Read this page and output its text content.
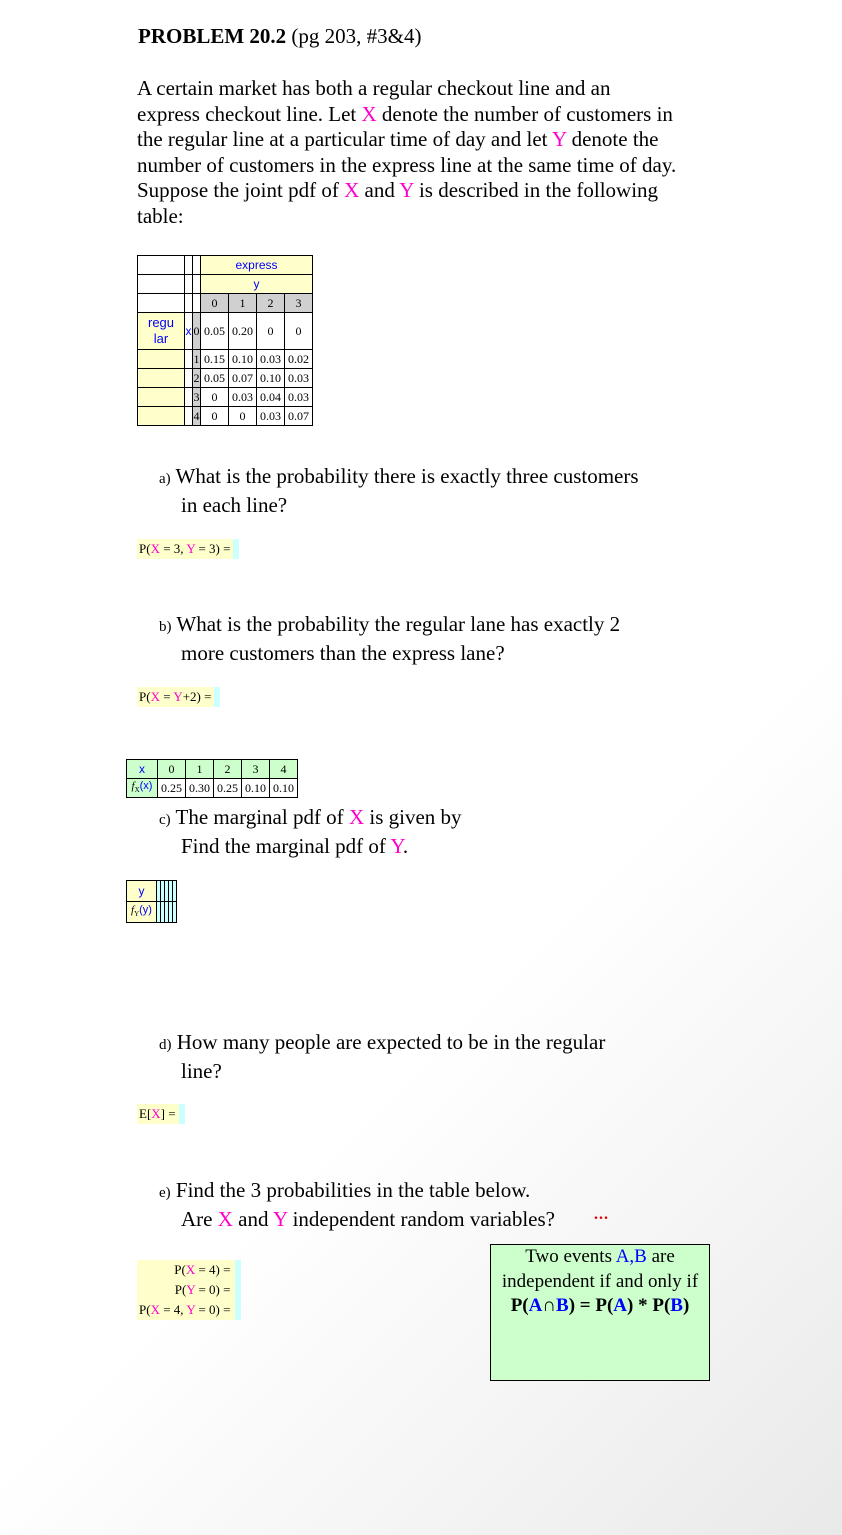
PROBLEM 20.2 (pg 203, #3&4)
A certain market has both a regular checkout line and an express checkout line. Let X denote the number of customers in the regular line at a particular time of day and let Y denote the number of customers in the express line at the same time of day. Suppose the joint pdf of X and Y is described in the following table:
			express			
			y			
			0	1	2	3
regu
lar	x	0	0.05	0.20	0	0
		1	0.15	0.10	0.03	0.02
		2	0.05	0.07	0.10	0.03
		3	0	0.03	0.04	0.03
		4	0	0	0.03	0.07
a) What is the probability there is exactly three customers
in each line?
P(X = 3, Y = 3) =
b) What is the probability the regular lane has exactly 2
more customers than the express lane?
P(X = Y+2) =
x	0	1	2	3	4
$f_X(x)$	0.25	0.30	0.25	0.10	0.10
c) The marginal pdf of X is given by
Find the marginal pdf of Y.
y					
$f_Y(y)$					
d) How many people are expected to be in the regular
line?
E[X] =
e) Find the 3 probabilities in the table below.
Are X and Y independent random variables? ...
P(X = 4) =
P(Y = 0) =
P(X = 4, Y = 0) =
Two events A,B are
independent if and only if
P(A∩B) = P(A) * P(B)
